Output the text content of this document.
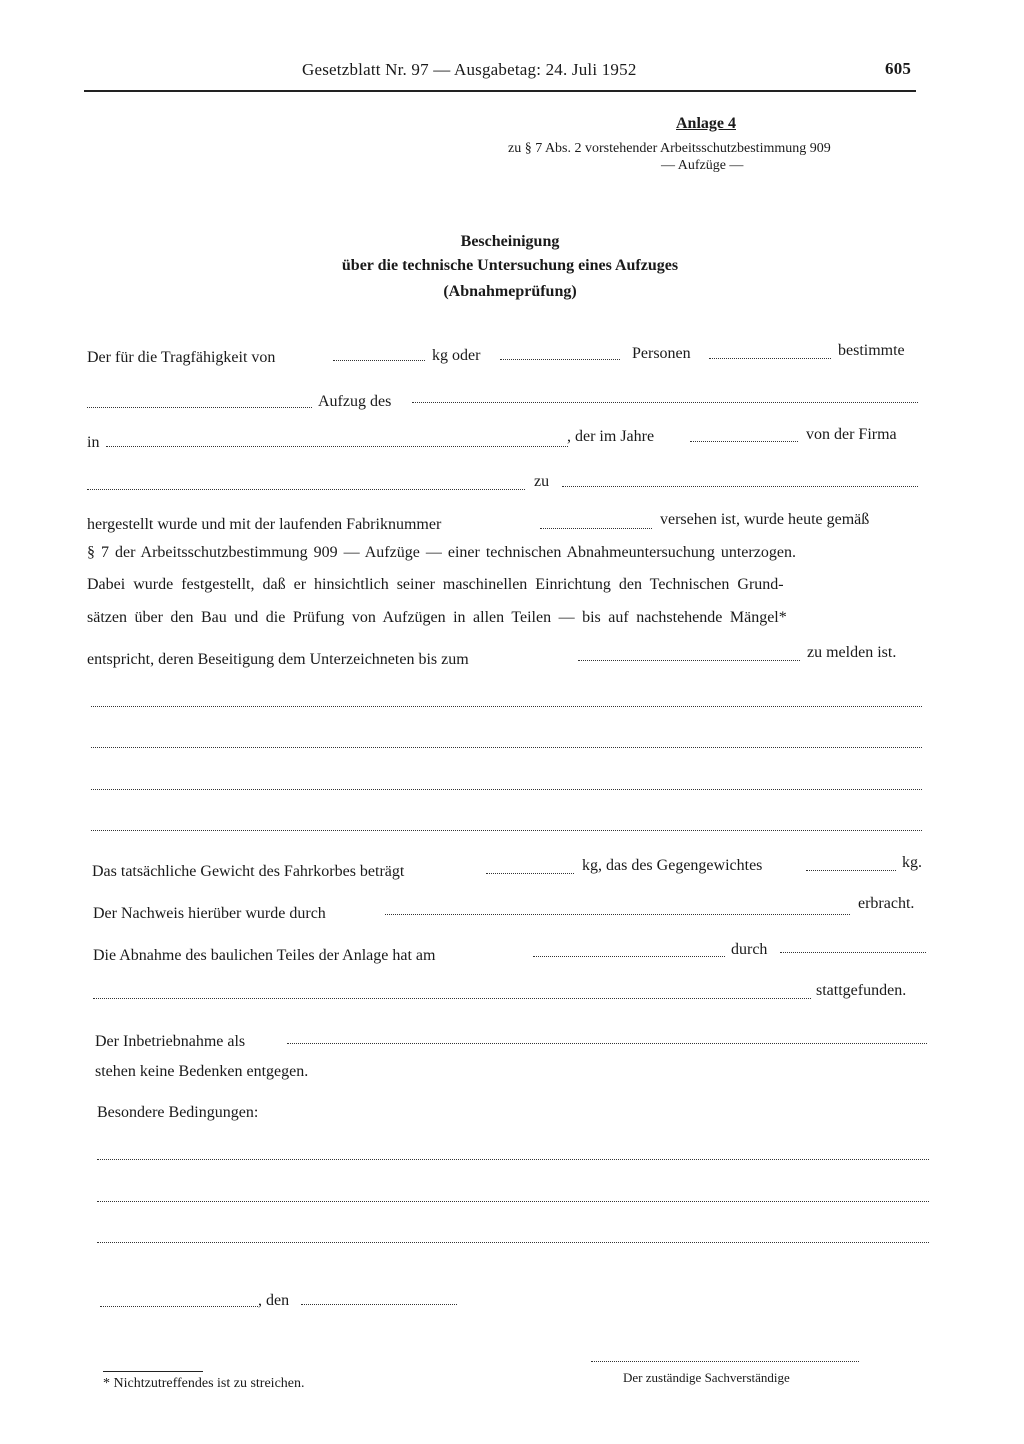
Gesetzblatt Nr. 97 — Ausgabetag: 24. Juli 1952	605
Anlage 4
zu § 7 Abs. 2 vorstehender Arbeitsschutzbestimmung 909
— Aufzüge —
Bescheinigung
über die technische Untersuchung eines Aufzuges
(Abnahmeprüfung)
Der für die Tragfähigkeit von	kg oder	Personen	bestimmte
Aufzug des
in	, der im Jahre	von der Firma
zu
hergestellt wurde und mit der laufenden Fabriknummer	versehen ist, wurde heute gemäß
§ 7 der Arbeitsschutzbestimmung 909 — Aufzüge — einer technischen Abnahmeuntersuchung unterzogen.
Dabei wurde festgestellt, daß er hinsichtlich seiner maschinellen Einrichtung den Technischen Grund-
sätzen über den Bau und die Prüfung von Aufzügen in allen Teilen — bis auf nachstehende Mängel*
entspricht, deren Beseitigung dem Unterzeichneten bis zum	zu melden ist.
Das tatsächliche Gewicht des Fahrkorbes beträgt	kg, das des Gegengewichtes	kg.
Der Nachweis hierüber wurde durch
erbracht.
Die Abnahme des baulichen Teiles der Anlage hat am	durch
stattgefunden.
Der Inbetriebnahme als
stehen keine Bedenken entgegen.
Besondere Bedingungen:
, den
Der zuständige Sachverständige
* Nichtzutreffendes ist zu streichen.
